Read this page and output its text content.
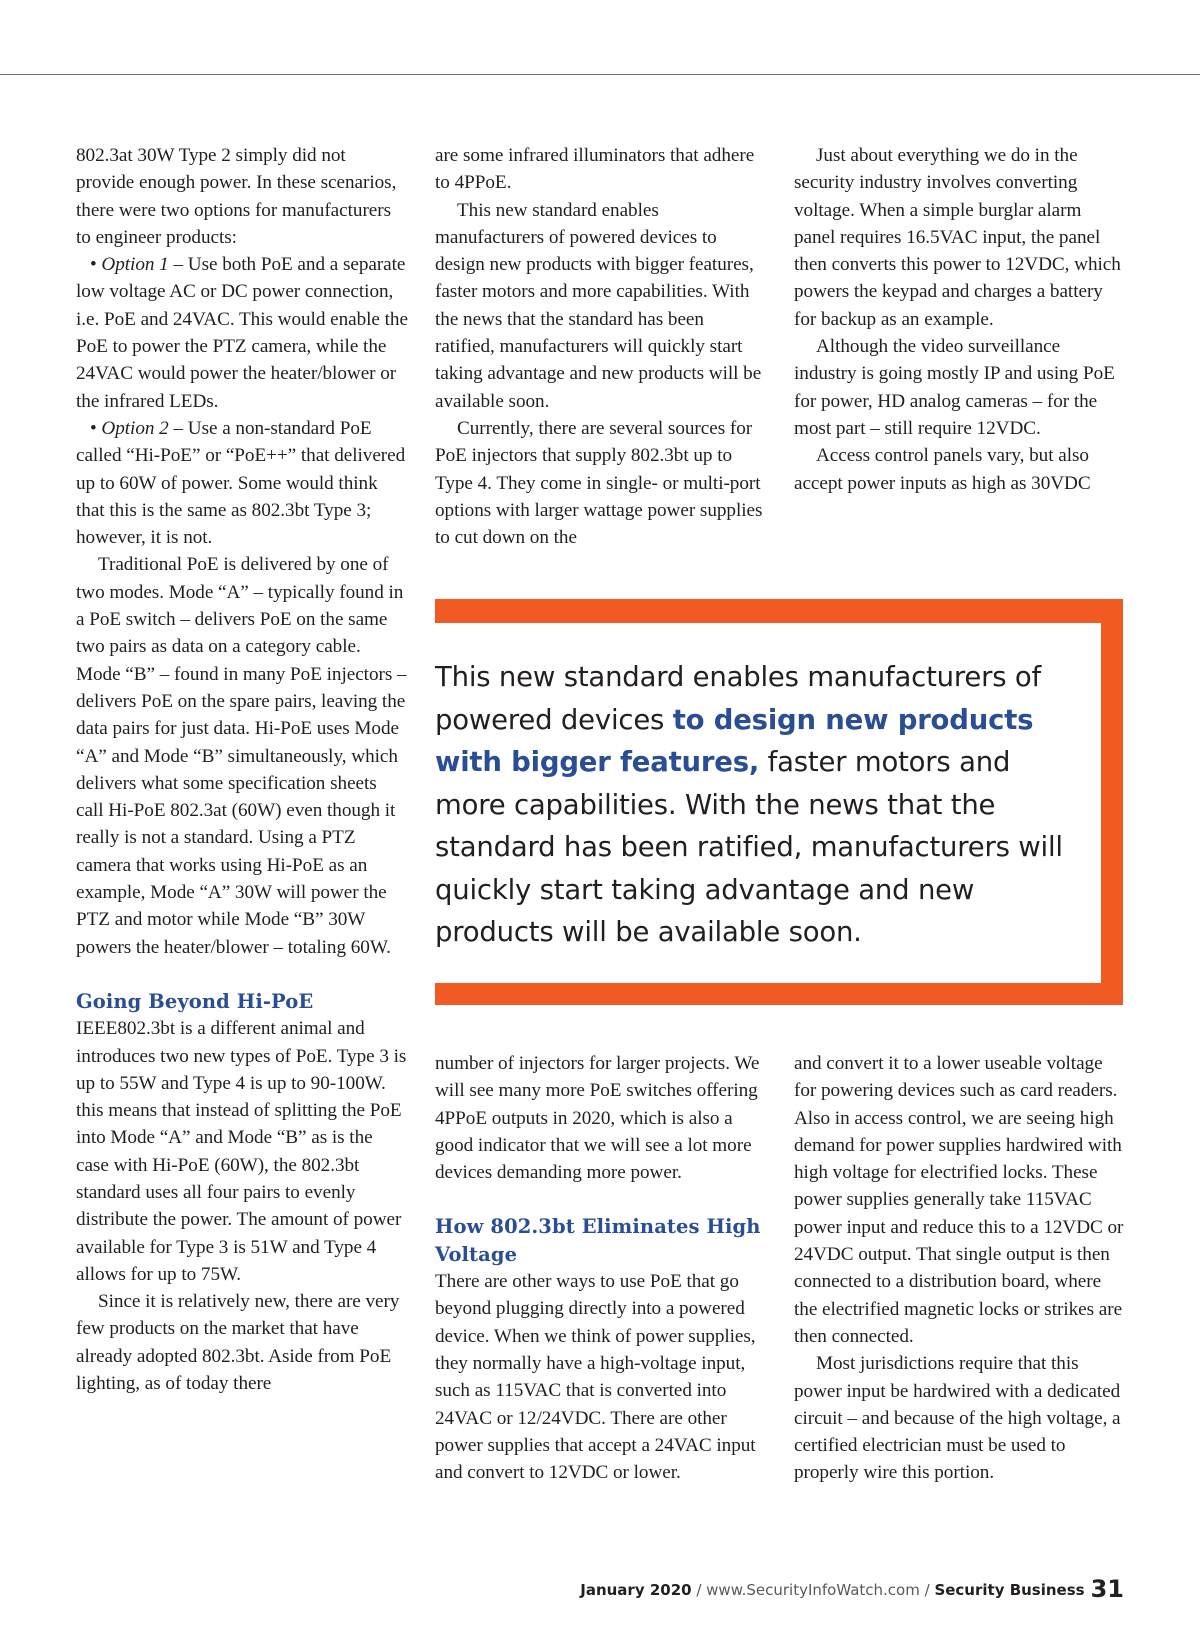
802.3at 30W Type 2 simply did not provide enough power. In these scenarios, there were two options for manufacturers to engineer products:

• Option 1 – Use both PoE and a separate low voltage AC or DC power connection, i.e. PoE and 24VAC. This would enable the PoE to power the PTZ camera, while the 24VAC would power the heater/blower or the infrared LEDs.

• Option 2 – Use a non-standard PoE called “Hi-PoE” or “PoE++” that delivered up to 60W of power. Some would think that this is the same as 802.3bt Type 3; however, it is not.

Traditional PoE is delivered by one of two modes. Mode “A” – typically found in a PoE switch – delivers PoE on the same two pairs as data on a category cable. Mode “B” – found in many PoE injectors – delivers PoE on the spare pairs, leaving the data pairs for just data. Hi-PoE uses Mode “A” and Mode “B” simultaneously, which delivers what some specification sheets call Hi-PoE 802.3at (60W) even though it really is not a standard. Using a PTZ camera that works using Hi-PoE as an example, Mode “A” 30W will power the PTZ and motor while Mode “B” 30W powers the heater/blower – totaling 60W.

Going Beyond Hi-PoE

IEEE802.3bt is a different animal and introduces two new types of PoE. Type 3 is up to 55W and Type 4 is up to 90-100W. this means that instead of splitting the PoE into Mode “A” and Mode “B” as is the case with Hi-PoE (60W), the 802.3bt standard uses all four pairs to evenly distribute the power. The amount of power available for Type 3 is 51W and Type 4 allows for up to 75W.

Since it is relatively new, there are very few products on the market that have already adopted 802.3bt. Aside from PoE lighting, as of today there

are some infrared illuminators that adhere to 4PPoE.

This new standard enables manufacturers of powered devices to design new products with bigger features, faster motors and more capabilities. With the news that the standard has been ratified, manufacturers will quickly start taking advantage and new products will be available soon.

Currently, there are several sources for PoE injectors that supply 802.3bt up to Type 4. They come in single- or multi-port options with larger wattage power supplies to cut down on the

Just about everything we do in the security industry involves converting voltage. When a simple burglar alarm panel requires 16.5VAC input, the panel then converts this power to 12VDC, which powers the keypad and charges a battery for backup as an example.

Although the video surveillance industry is going mostly IP and using PoE for power, HD analog cameras – for the most part – still require 12VDC.

Access control panels vary, but also accept power inputs as high as 30VDC

This new standard enables manufacturers of powered devices to design new products with bigger features, faster motors and more capabilities. With the news that the standard has been ratified, manufacturers will quickly start taking advantage and new products will be available soon.

number of injectors for larger projects. We will see many more PoE switches offering 4PPoE outputs in 2020, which is also a good indicator that we will see a lot more devices demanding more power.

How 802.3bt Eliminates High Voltage

There are other ways to use PoE that go beyond plugging directly into a powered device. When we think of power supplies, they normally have a high-voltage input, such as 115VAC that is converted into 24VAC or 12/24VDC. There are other power supplies that accept a 24VAC input and convert to 12VDC or lower.

and convert it to a lower useable voltage for powering devices such as card readers. Also in access control, we are seeing high demand for power supplies hardwired with high voltage for electrified locks. These power supplies generally take 115VAC power input and reduce this to a 12VDC or 24VDC output. That single output is then connected to a distribution board, where the electrified magnetic locks or strikes are then connected.

Most jurisdictions require that this power input be hardwired with a dedicated circuit – and because of the high voltage, a certified electrician must be used to properly wire this portion.

January 2020 / www.SecurityInfoWatch.com / Security Business 31
